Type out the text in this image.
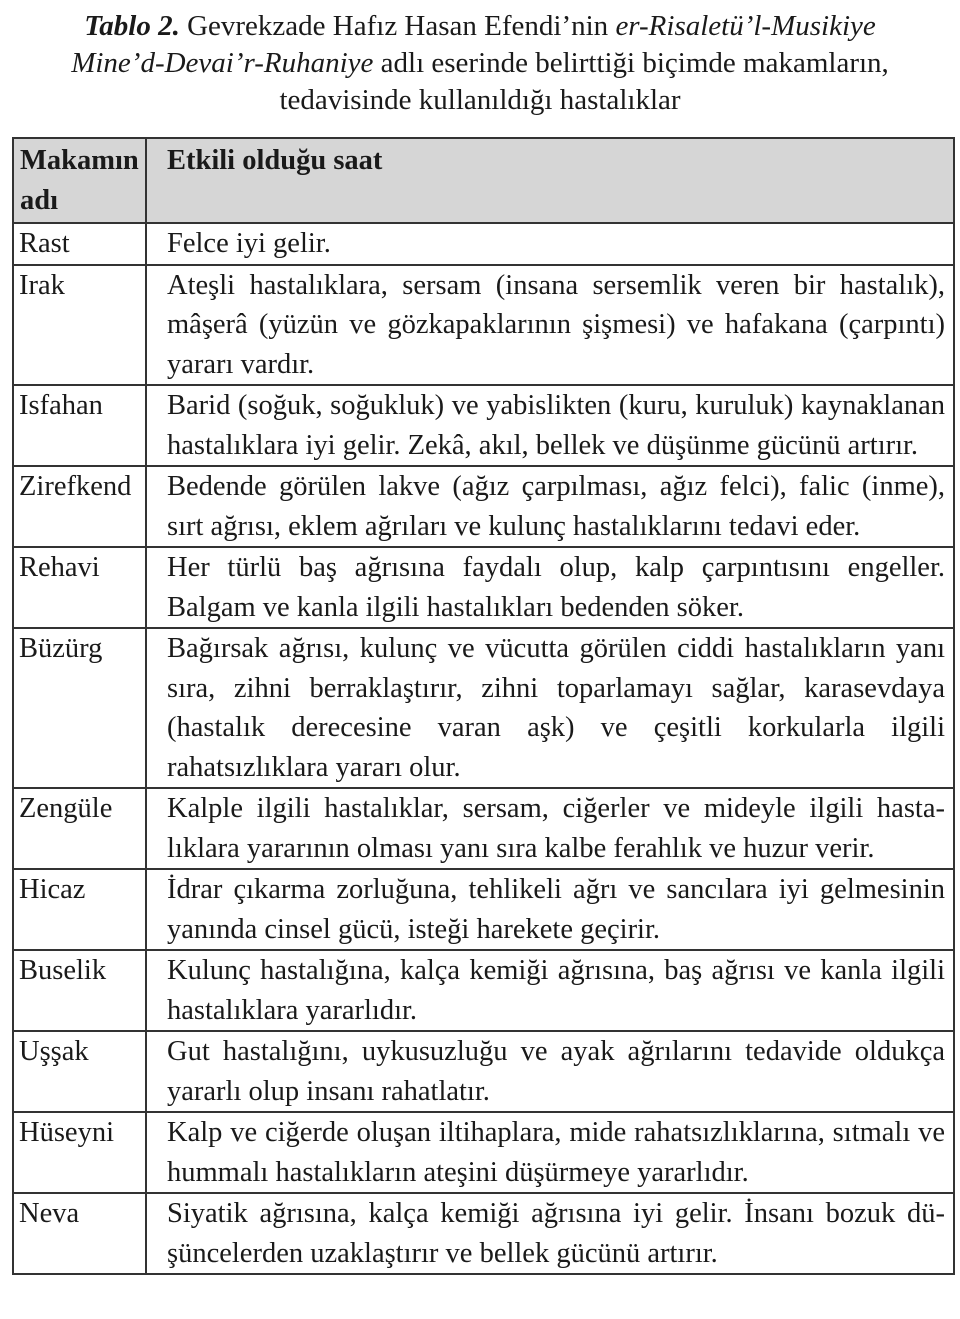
Tablo 2. Gevrekzade Hafız Hasan Efendi’nin er-Risaletü’l-Musikiye
Mine’d-Devai’r-Ruhaniye adlı eserinde belirttiği biçimde makamların,
tedavisinde kullanıldığı hastalıklar
Makamın adı	Etkili olduğu saat
Rast	Felce iyi gelir.
Irak	Ateşli hastalıklara, sersam (insana sersemlik veren bir hastalık), mâşerâ (yüzün ve gözkapaklarının şişmesi) ve hafakana (çarpıntı) yararı vardır.
Isfahan	Barid (soğuk, soğukluk) ve yabislikten (kuru, kuruluk) kaynaklanan hastalıklara iyi gelir. Zekâ, akıl, bellek ve düşünme gücünü artırır.
Zirefkend	Bedende görülen lakve (ağız çarpılması, ağız felci), falic (inme), sırt ağrısı, eklem ağrıları ve kulunç hastalıklarını tedavi eder.
Rehavi	Her türlü baş ağrısına faydalı olup, kalp çarpıntısını engeller. Balgam ve kanla ilgili hastalıkları bedenden söker.
Büzürg	Bağırsak ağrısı, kulunç ve vücutta görülen ciddi hastalıkların yanı sıra, zihni berraklaştırır, zihni toparlamayı sağlar, karasevdaya (hastalık derecesine varan aşk) ve çeşitli korkularla ilgili rahatsızlıklara yararı olur.
Zengüle	Kalple ilgili hastalıklar, sersam, ciğerler ve mideyle ilgili hastalıklara yararının olması yanı sıra kalbe ferahlık ve huzur verir.
Hicaz	İdrar çıkarma zorluğuna, tehlikeli ağrı ve sancılara iyi gelmesinin yanında cinsel gücü, isteği harekete geçirir.
Buselik	Kulunç hastalığına, kalça kemiği ağrısına, baş ağrısı ve kanla ilgili hastalıklara yararlıdır.
Uşşak	Gut hastalığını, uykusuzluğu ve ayak ağrılarını tedavide oldukça yararlı olup insanı rahatlatır.
Hüseyni	Kalp ve ciğerde oluşan iltihaplara, mide rahatsızlıklarına, sıtmalı ve hummalı hastalıkların ateşini düşürmeye yararlıdır.
Neva	Siyatik ağrısına, kalça kemiği ağrısına iyi gelir. İnsanı bozuk düşüncelerden uzaklaştırır ve bellek gücünü artırır.
